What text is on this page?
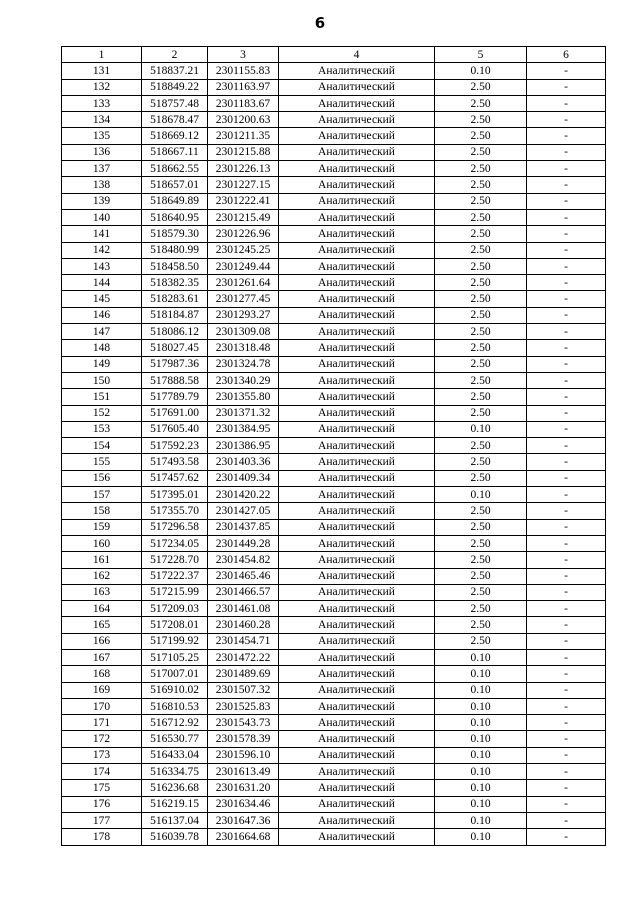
6
1	2	3	4	5	6
131	518837.21	2301155.83	Аналитический	0.10	-
132	518849.22	2301163.97	Аналитический	2.50	-
133	518757.48	2301183.67	Аналитический	2.50	-
134	518678.47	2301200.63	Аналитический	2.50	-
135	518669.12	2301211.35	Аналитический	2.50	-
136	518667.11	2301215.88	Аналитический	2.50	-
137	518662.55	2301226.13	Аналитический	2.50	-
138	518657.01	2301227.15	Аналитический	2.50	-
139	518649.89	2301222.41	Аналитический	2.50	-
140	518640.95	2301215.49	Аналитический	2.50	-
141	518579.30	2301226.96	Аналитический	2.50	-
142	518480.99	2301245.25	Аналитический	2.50	-
143	518458.50	2301249.44	Аналитический	2.50	-
144	518382.35	2301261.64	Аналитический	2.50	-
145	518283.61	2301277.45	Аналитический	2.50	-
146	518184.87	2301293.27	Аналитический	2.50	-
147	518086.12	2301309.08	Аналитический	2.50	-
148	518027.45	2301318.48	Аналитический	2.50	-
149	517987.36	2301324.78	Аналитический	2.50	-
150	517888.58	2301340.29	Аналитический	2.50	-
151	517789.79	2301355.80	Аналитический	2.50	-
152	517691.00	2301371.32	Аналитический	2.50	-
153	517605.40	2301384.95	Аналитический	0.10	-
154	517592.23	2301386.95	Аналитический	2.50	-
155	517493.58	2301403.36	Аналитический	2.50	-
156	517457.62	2301409.34	Аналитический	2.50	-
157	517395.01	2301420.22	Аналитический	0.10	-
158	517355.70	2301427.05	Аналитический	2.50	-
159	517296.58	2301437.85	Аналитический	2.50	-
160	517234.05	2301449.28	Аналитический	2.50	-
161	517228.70	2301454.82	Аналитический	2.50	-
162	517222.37	2301465.46	Аналитический	2.50	-
163	517215.99	2301466.57	Аналитический	2.50	-
164	517209.03	2301461.08	Аналитический	2.50	-
165	517208.01	2301460.28	Аналитический	2.50	-
166	517199.92	2301454.71	Аналитический	2.50	-
167	517105.25	2301472.22	Аналитический	0.10	-
168	517007.01	2301489.69	Аналитический	0.10	-
169	516910.02	2301507.32	Аналитический	0.10	-
170	516810.53	2301525.83	Аналитический	0.10	-
171	516712.92	2301543.73	Аналитический	0.10	-
172	516530.77	2301578.39	Аналитический	0.10	-
173	516433.04	2301596.10	Аналитический	0.10	-
174	516334.75	2301613.49	Аналитический	0.10	-
175	516236.68	2301631.20	Аналитический	0.10	-
176	516219.15	2301634.46	Аналитический	0.10	-
177	516137.04	2301647.36	Аналитический	0.10	-
178	516039.78	2301664.68	Аналитический	0.10	-
